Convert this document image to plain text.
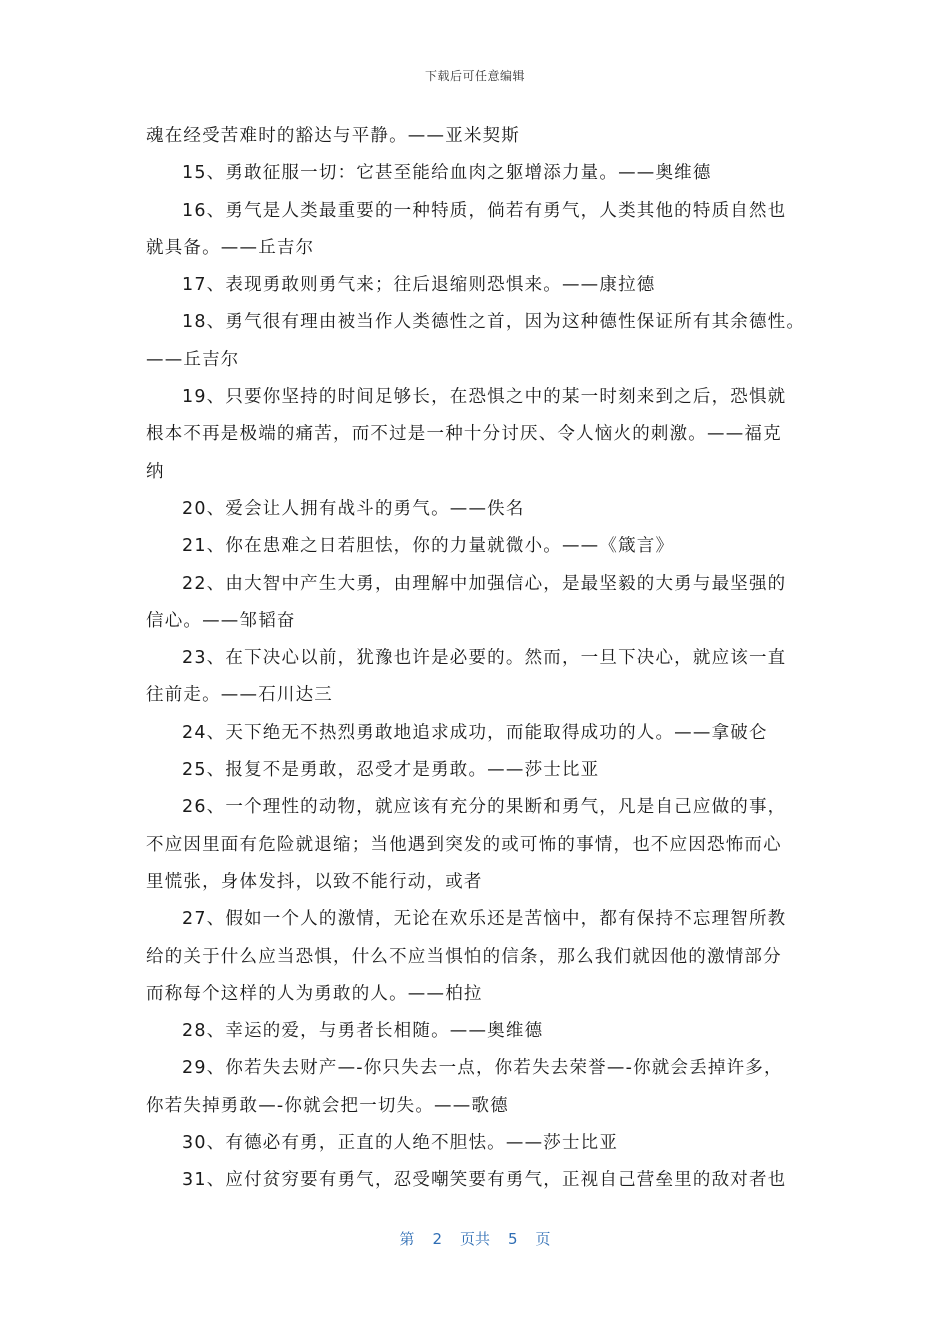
下载后可任意编辑
魂在经受苦难时的豁达与平静。——亚米契斯
15、勇敢征服一切：它甚至能给血肉之躯增添力量。——奥维德
16、勇气是人类最重要的一种特质，倘若有勇气，人类其他的特质自然也
就具备。——丘吉尔
17、表现勇敢则勇气来；往后退缩则恐惧来。——康拉德
18、勇气很有理由被当作人类德性之首，因为这种德性保证所有其余德性。
——丘吉尔
19、只要你坚持的时间足够长，在恐惧之中的某一时刻来到之后，恐惧就
根本不再是极端的痛苦，而不过是一种十分讨厌、令人恼火的刺激。——福克
纳
20、爱会让人拥有战斗的勇气。——佚名
21、你在患难之日若胆怯，你的力量就微小。——《箴言》
22、由大智中产生大勇，由理解中加强信心，是最坚毅的大勇与最坚强的
信心。——邹韬奋
23、在下决心以前，犹豫也许是必要的。然而，一旦下决心，就应该一直
往前走。——石川达三
24、天下绝无不热烈勇敢地追求成功，而能取得成功的人。——拿破仑
25、报复不是勇敢，忍受才是勇敢。——莎士比亚
26、一个理性的动物，就应该有充分的果断和勇气，凡是自己应做的事，
不应因里面有危险就退缩；当他遇到突发的或可怖的事情，也不应因恐怖而心
里慌张，身体发抖，以致不能行动，或者
27、假如一个人的激情，无论在欢乐还是苦恼中，都有保持不忘理智所教
给的关于什么应当恐惧，什么不应当惧怕的信条，那么我们就因他的激情部分
而称每个这样的人为勇敢的人。——柏拉
28、幸运的爱，与勇者长相随。——奥维德
29、你若失去财产—-你只失去一点，你若失去荣誉—-你就会丢掉许多，
你若失掉勇敢—-你就会把一切失。——歌德
30、有德必有勇，正直的人绝不胆怯。——莎士比亚
31、应付贫穷要有勇气，忍受嘲笑要有勇气，正视自己营垒里的敌对者也
第 2 页共 5 页
